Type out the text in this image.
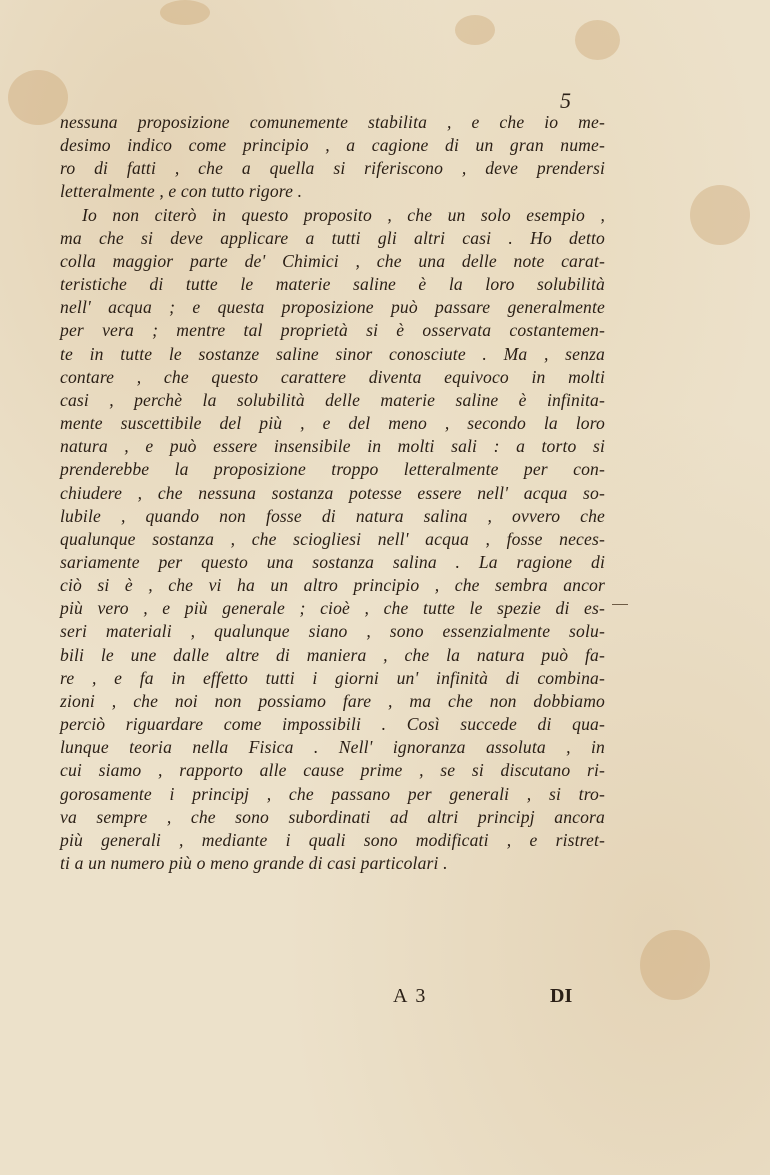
5
nessuna proposizione comunemente stabilita , e che io me-
desimo indico come principio , a cagione di un gran nume-
ro di fatti , che a quella si riferiscono , deve prendersi
letteralmente , e con tutto rigore .
Io non citerò in questo proposito , che un solo esempio ,
ma che si deve applicare a tutti gli altri casi . Ho detto
colla maggior parte de' Chimici , che una delle note carat-
teristiche di tutte le materie saline è la loro solubilità
nell' acqua ; e questa proposizione può passare generalmente
per vera ; mentre tal proprietà si è osservata costantemen-
te in tutte le sostanze saline sinor conosciute . Ma , senza
contare , che questo carattere diventa equivoco in molti
casi , perchè la solubilità delle materie saline è infinita-
mente suscettibile del più , e del meno , secondo la loro
natura , e può essere insensibile in molti sali : a torto si
prenderebbe la proposizione troppo letteralmente per con-
chiudere , che nessuna sostanza potesse essere nell' acqua so-
lubile , quando non fosse di natura salina , ovvero che
qualunque sostanza , che sciogliesi nell' acqua , fosse neces-
sariamente per questo una sostanza salina . La ragione di
ciò si è , che vi ha un altro principio , che sembra ancor
più vero , e più generale ; cioè , che tutte le spezie di es-
seri materiali , qualunque siano , sono essenzialmente solu-
bili le une dalle altre di maniera , che la natura può fa-
re , e fa in effetto tutti i giorni un' infinità di combina-
zioni , che noi non possiamo fare , ma che non dobbiamo
perciò riguardare come impossibili . Così succede di qua-
lunque teoria nella Fisica . Nell' ignoranza assoluta , in
cui siamo , rapporto alle cause prime , se si discutano ri-
gorosamente i principj , che passano per generali , si tro-
va sempre , che sono subordinati ad altri principj ancora
più generali , mediante i quali sono modificati , e ristret-
ti a un numero più o meno grande di casi particolari .
A 3	DI
